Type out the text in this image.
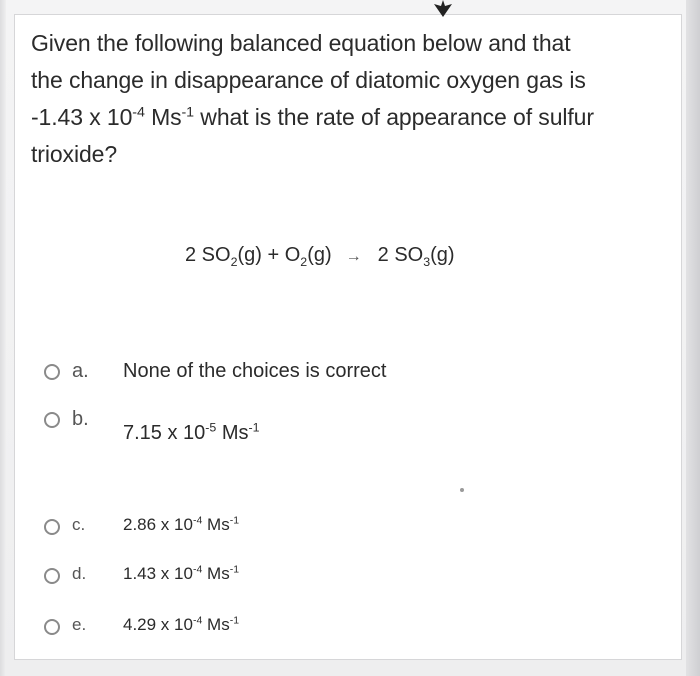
Given the following balanced equation below and that
the change in disappearance of diatomic oxygen gas is
-1.43 x $10^{-4}$ $Ms^{-1}$ what is the rate of appearance of sulfur
trioxide?
2 $SO_2(g) + O_2(g) \to 2$ $SO_3(g)$
a. None of the choices is correct
b.
7.15 x $10^{-5}$ $Ms^{-1}$
c. 2.86 x $10^{-4}$ $Ms^{-1}$
d. 1.43 x $10^{-4}$ $Ms^{-1}$
e. 4.29 x $10^{-4}$ $Ms^{-1}$
